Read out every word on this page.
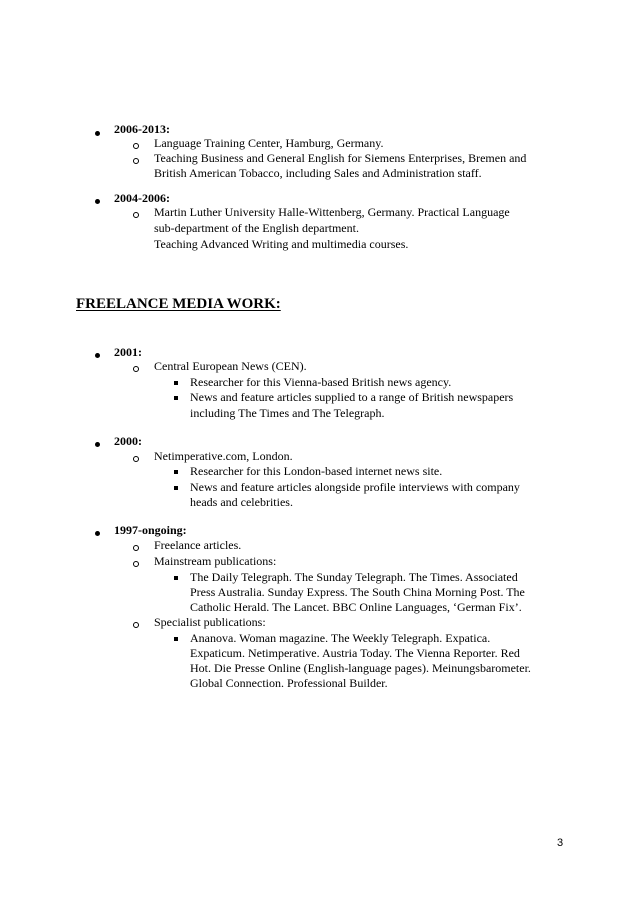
2006-2013:
Language Training Center, Hamburg, Germany.
Teaching Business and General English for Siemens Enterprises, Bremen and
British American Tobacco, including Sales and Administration staff.
2004-2006:
Martin Luther University Halle-Wittenberg, Germany. Practical Language
sub-department of the English department.
Teaching Advanced Writing and multimedia courses.
FREELANCE MEDIA WORK:
2001:
Central European News (CEN).
Researcher for this Vienna-based British news agency.
News and feature articles supplied to a range of British newspapers
including The Times and The Telegraph.
2000:
Netimperative.com, London.
Researcher for this London-based internet news site.
News and feature articles alongside profile interviews with company
heads and celebrities.
1997-ongoing:
Freelance articles.
Mainstream publications:
The Daily Telegraph. The Sunday Telegraph. The Times. Associated
Press Australia. Sunday Express. The South China Morning Post. The
Catholic Herald. The Lancet. BBC Online Languages, ‘German Fix’.
Specialist publications:
Ananova. Woman magazine. The Weekly Telegraph. Expatica.
Expaticum. Netimperative. Austria Today. The Vienna Reporter. Red
Hot. Die Presse Online (English-language pages). Meinungsbarometer.
Global Connection. Professional Builder.
3
